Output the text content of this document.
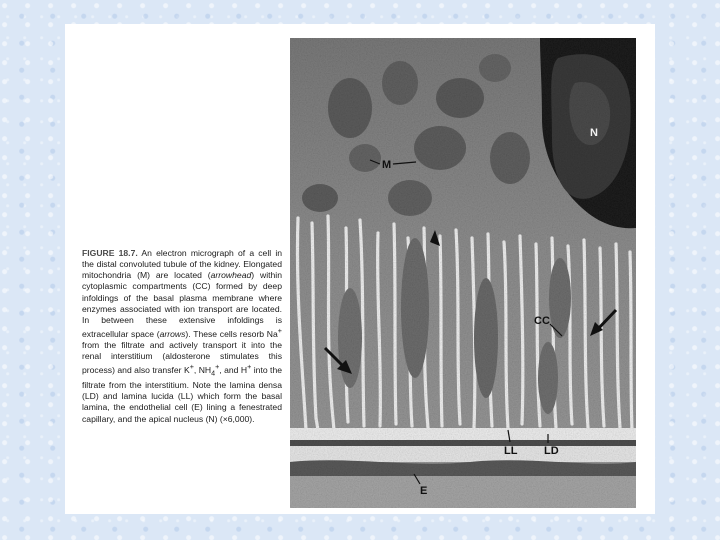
FIGURE 18.7. An electron micrograph of a cell in the distal convoluted tubule of the kidney. Elongated mitochondria (M) are located (arrowhead) within cytoplasmic compartments (CC) formed by deep infoldings of the basal plasma membrane where enzymes associated with ion transport are located. In between these extensive infoldings is extracellular space (arrows). These cells resorb Na+ from the filtrate and actively transport it into the renal interstitium (aldosterone stimulates this process) and also transfer K+, $NH_4^+$, and H+ into the filtrate from the interstitium. Note the lamina densa (LD) and lamina lucida (LL) which form the basal lamina, the endothelial cell (E) lining a fenestrated capillary, and the apical nucleus (N) (×6,000).
N
M
CC
LL LD
E
